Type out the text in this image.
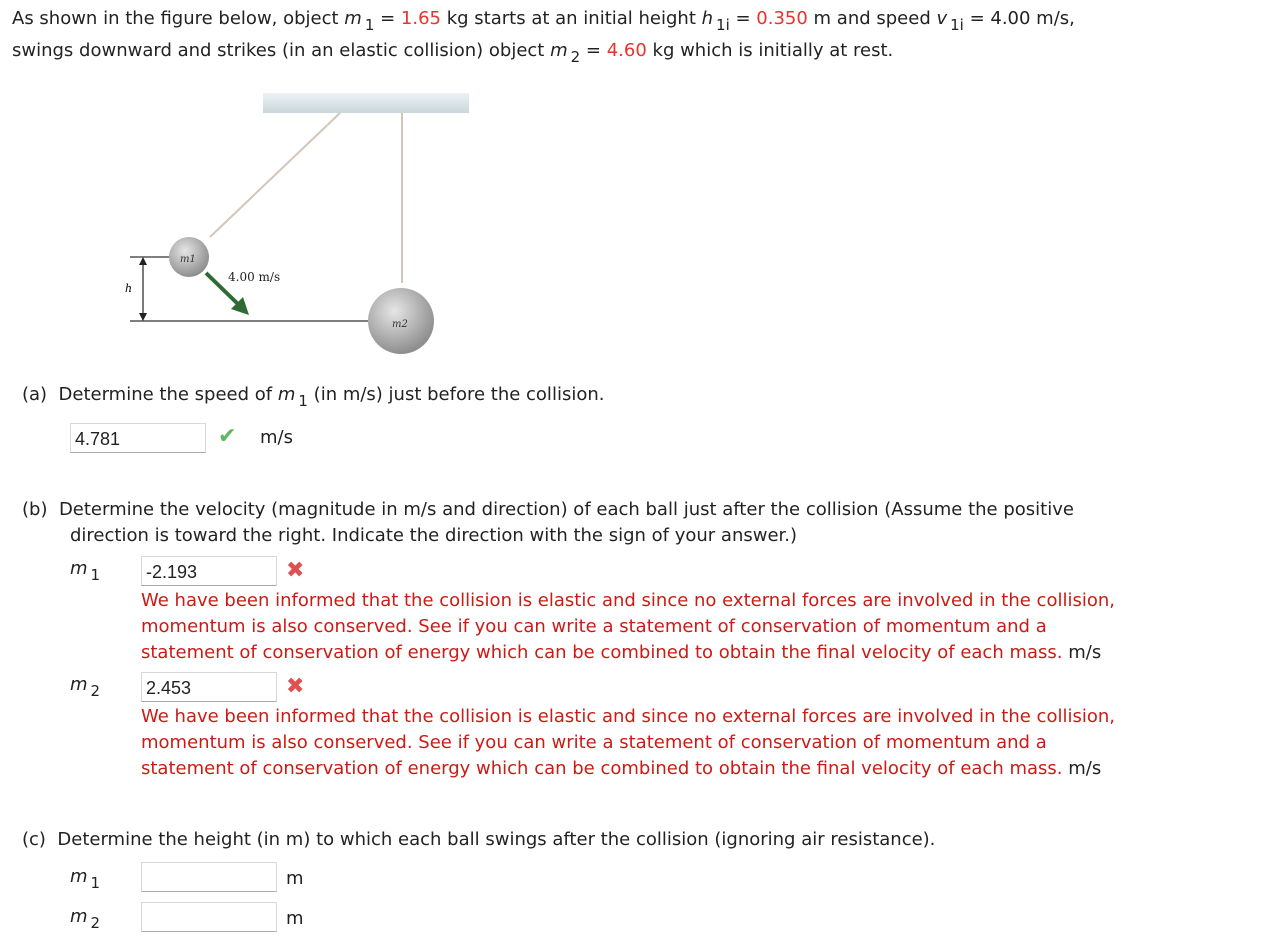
As shown in the figure below, object m $_1$ = 1.65 kg starts at an initial height h $_{1i}$ = 0.350 m and speed v $_{1i}$ = 4.00 m/s,
swings downward and strikes (in an elastic collision) object m $_2$ = 4.60 kg which is initially at rest.
h
m1
4.00 m/s
m2
(a) Determine the speed of m $_1$ (in m/s) just before the collision.
4.781	✔ m/s
(b) Determine the velocity (magnitude in m/s and direction) of each ball just after the collision (Assume the positive
direction is toward the right. Indicate the direction with the sign of your answer.)
m $_1$	-2.193	✖
We have been informed that the collision is elastic and since no external forces are involved in the collision,
momentum is also conserved. See if you can write a statement of conservation of momentum and a
statement of conservation of energy which can be combined to obtain the final velocity of each mass. m/s
m $_2$	2.453	✖
We have been informed that the collision is elastic and since no external forces are involved in the collision,
momentum is also conserved. See if you can write a statement of conservation of momentum and a
statement of conservation of energy which can be combined to obtain the final velocity of each mass. m/s
(c) Determine the height (in m) to which each ball swings after the collision (ignoring air resistance).
m $_1$	m
m $_2$	m
